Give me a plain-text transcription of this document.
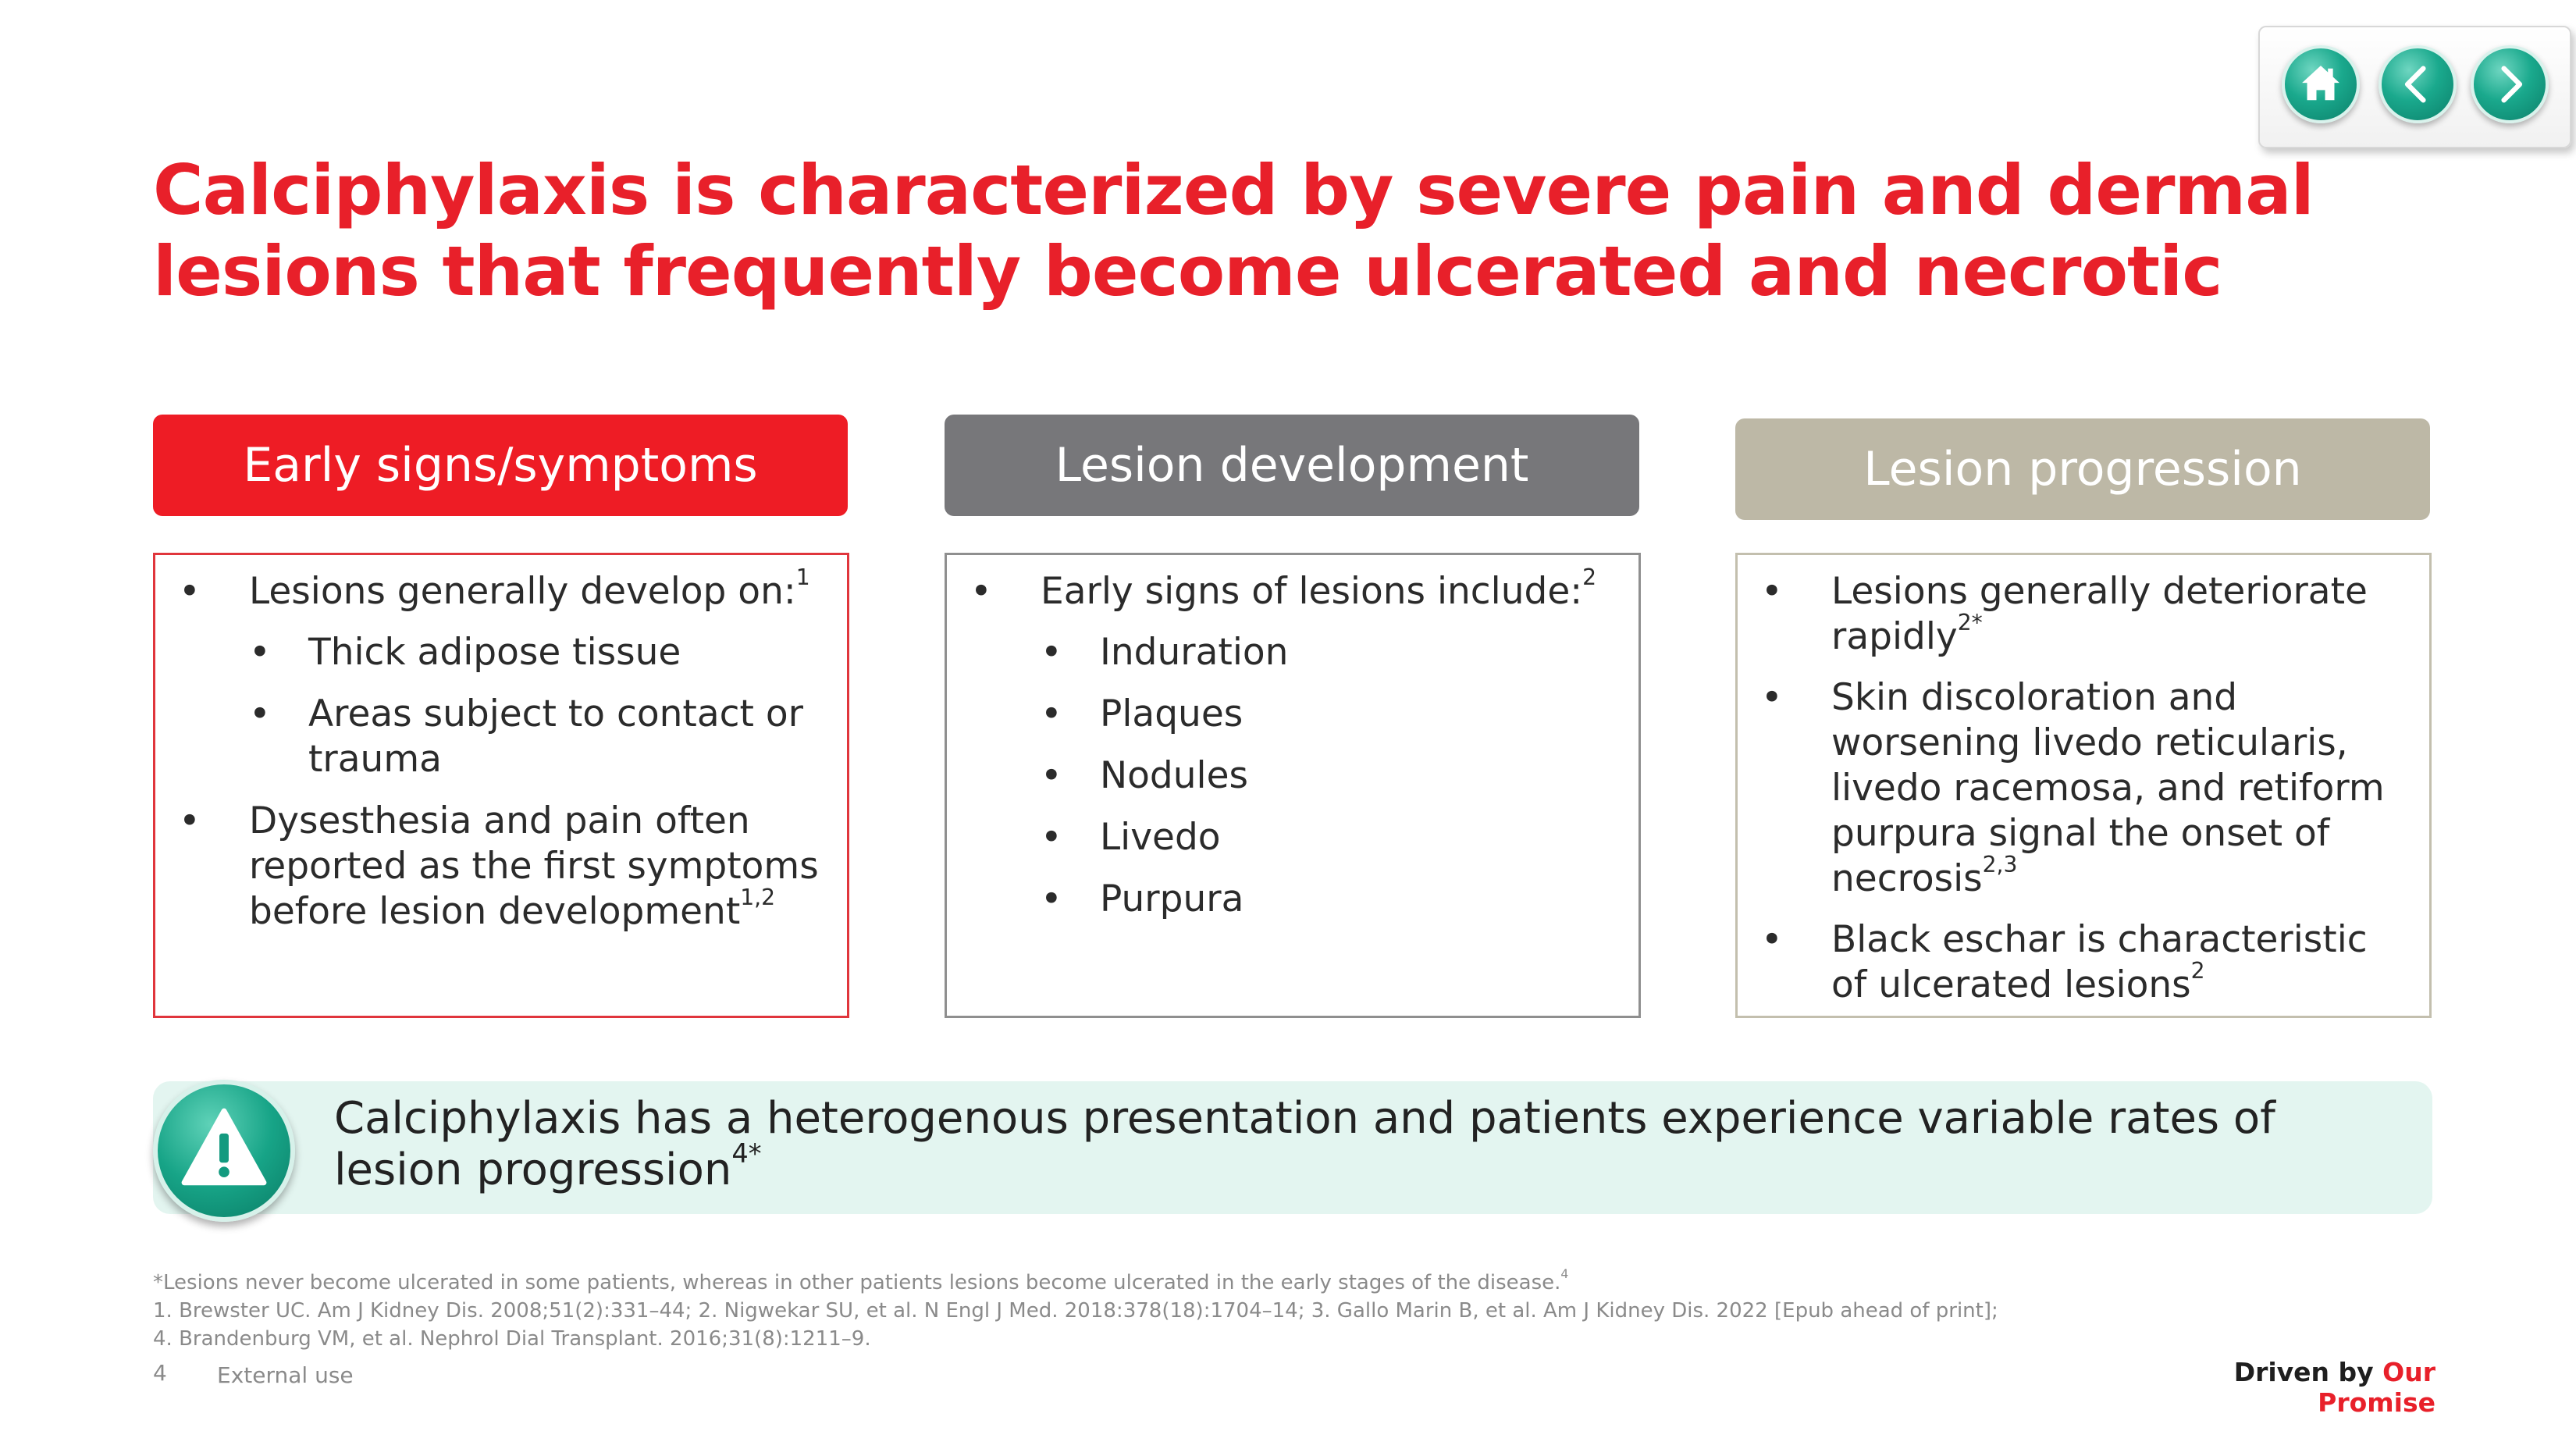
Calciphylaxis is characterized by severe pain and dermal
lesions that frequently become ulcerated and necrotic
Early signs/symptoms	Lesion development	Lesion progression
• Lesions generally develop on:$^1$
• Thick adipose tissue
• Areas subject to contact or trauma
• Dysesthesia and pain often reported as the first symptoms before lesion development$^{1,2}$
• Early signs of lesions include:$^2$
• Induration
• Plaques
• Nodules
• Livedo
• Purpura
• Lesions generally deteriorate rapidly$^{2*}$
• Skin discoloration and worsening livedo reticularis, livedo racemosa, and retiform purpura signal the onset of necrosis$^{2,3}$
• Black eschar is characteristic of ulcerated lesions$^2$
Calciphylaxis has a heterogenous presentation and patients experience variable rates of lesion progression$^{4*}$

*Lesions never become ulcerated in some patients, whereas in other patients lesions become ulcerated in the early stages of the disease.$^4$

1. Brewster UC. Am J Kidney Dis. 2008;51(2):331–44; 2. Nigwekar SU, et al. N Engl J Med. 2018:378(18):1704–14; 3. Gallo Marin B, et al. Am J Kidney Dis. 2022 [Epub ahead of print];

4. Brandenburg VM, et al. Nephrol Dial Transplant. 2016;31(8):1211–9.

4 External use	Driven by Our Promise
